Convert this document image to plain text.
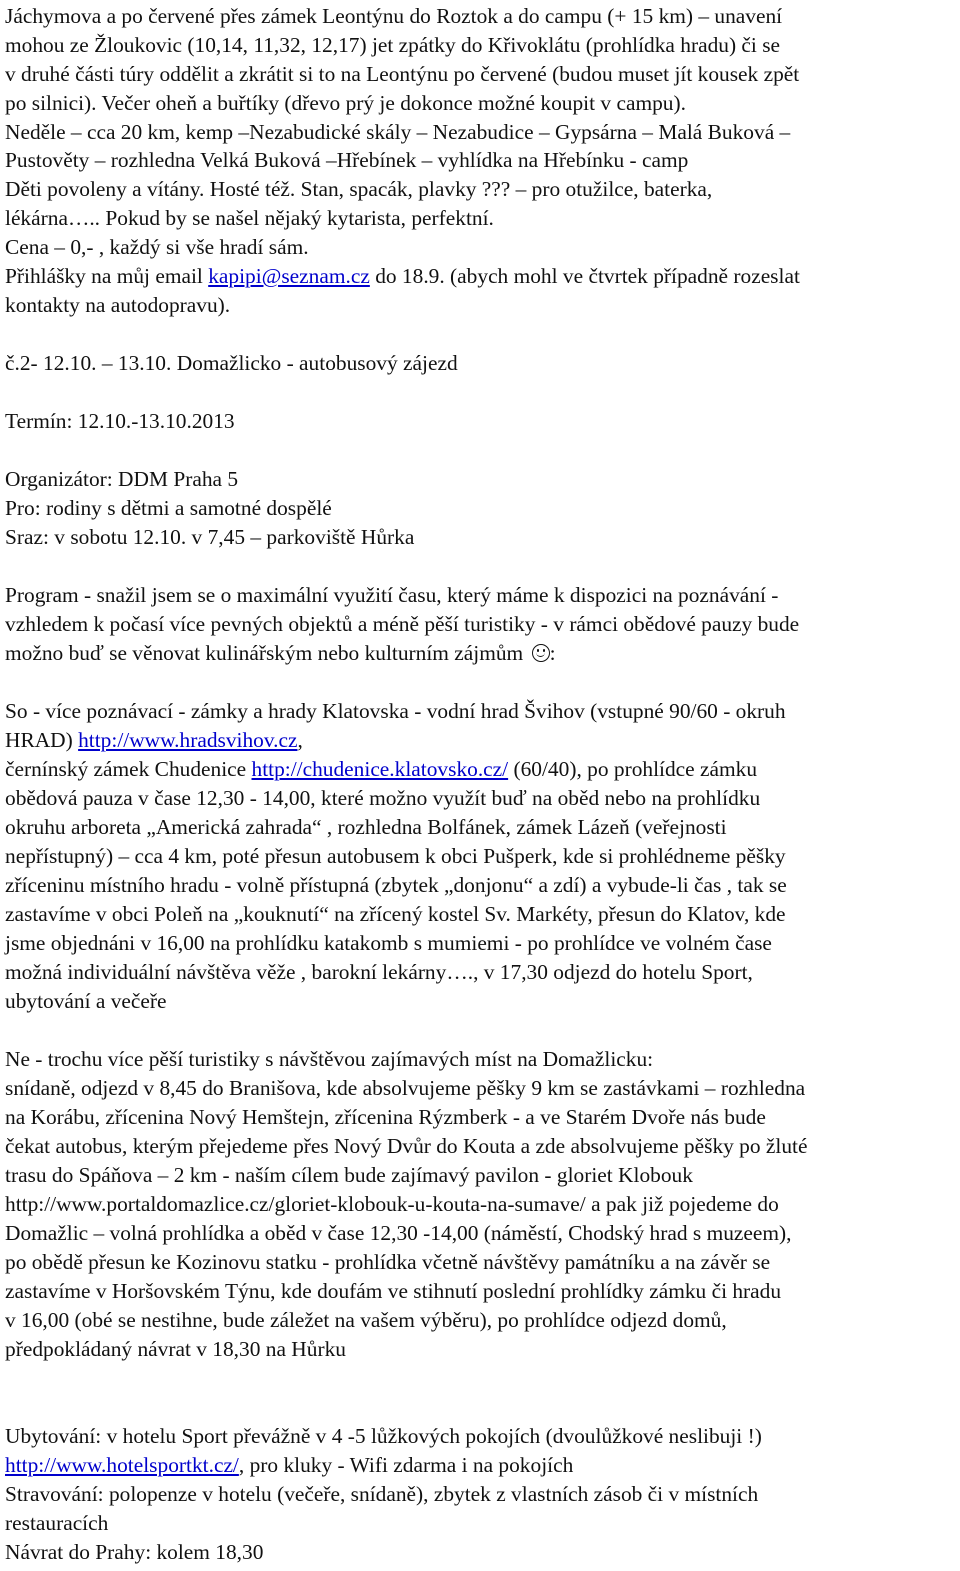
Jáchymova a po červené přes zámek Leontýnu do Roztok a do campu (+ 15 km) – unavení
mohou ze Žloukovic (10,14, 11,32, 12,17) jet zpátky do Křivoklátu (prohlídka hradu) či se
v druhé části túry oddělit a zkrátit si to na Leontýnu po červené (budou muset jít kousek zpět
po silnici). Večer oheň a buřtíky (dřevo prý je dokonce možné koupit v campu).
Neděle – cca 20 km, kemp –Nezabudické skály – Nezabudice – Gypsárna – Malá Buková –
Pustověty – rozhledna Velká Buková –Hřebínek – vyhlídka na Hřebínku - camp
Děti povoleny a vítány. Hosté též. Stan, spacák, plavky ??? – pro otužilce, baterka,
lékárna….. Pokud by se našel nějaký kytarista, perfektní.
Cena – 0,- , každý si vše hradí sám.
Přihlášky na můj email kapipi@seznam.cz do 18.9. (abych mohl ve čtvrtek případně rozeslat
kontakty na autodopravu).
č.2- 12.10. – 13.10. Domažlicko - autobusový zájezd
Termín: 12.10.-13.10.2013
Organizátor: DDM Praha 5
Pro: rodiny s dětmi a samotné dospělé
Sraz: v sobotu 12.10. v 7,45 – parkoviště Hůrka
Program - snažil jsem se o maximální využití času, který máme k dispozici na poznávání -
vzhledem k počasí více pevných objektů a méně pěší turistiky - v rámci obědové pauzy bude
možno buď se věnovat kulinářským nebo kulturním zájmům
:
So - více poznávací - zámky a hrady Klatovska - vodní hrad Švihov (vstupné 90/60 - okruh
HRAD) http://www.hradsvihov.cz,
černínský zámek Chudenice http://chudenice.klatovsko.cz/ (60/40), po prohlídce zámku
obědová pauza v čase 12,30 - 14,00, které možno využít buď na oběd nebo na prohlídku
okruhu arboreta „Americká zahrada“ , rozhledna Bolfánek, zámek Lázeň (veřejnosti
nepřístupný) – cca 4 km, poté přesun autobusem k obci Pušperk, kde si prohlédneme pěšky
zříceninu místního hradu - volně přístupná (zbytek „donjonu“ a zdí) a vybude-li čas , tak se
zastavíme v obci Poleň na „kouknutí“ na zřícený kostel Sv. Markéty, přesun do Klatov, kde
jsme objednáni v 16,00 na prohlídku katakomb s mumiemi - po prohlídce ve volném čase
možná individuální návštěva věže , barokní lekárny…., v 17,30 odjezd do hotelu Sport,
ubytování a večeře
Ne - trochu více pěší turistiky s návštěvou zajímavých míst na Domažlicku:
snídaně, odjezd v 8,45 do Branišova, kde absolvujeme pěšky 9 km se zastávkami – rozhledna
na Korábu, zřícenina Nový Hemštejn, zřícenina Rýzmberk - a ve Starém Dvoře nás bude
čekat autobus, kterým přejedeme přes Nový Dvůr do Kouta a zde absolvujeme pěšky po žluté
trasu do Spáňova – 2 km - naším cílem bude zajímavý pavilon - gloriet Klobouk
http://www.portaldomazlice.cz/gloriet-klobouk-u-kouta-na-sumave/ a pak již pojedeme do
Domažlic – volná prohlídka a oběd v čase 12,30 -14,00 (náměstí, Chodský hrad s muzeem),
po obědě přesun ke Kozinovu statku - prohlídka včetně návštěvy památníku a na závěr se
zastavíme v Horšovském Týnu, kde doufám ve stihnutí poslední prohlídky zámku či hradu
v 16,00 (obé se nestihne, bude záležet na vašem výběru), po prohlídce odjezd domů,
předpokládaný návrat v 18,30 na Hůrku
Ubytování: v hotelu Sport převážně v 4 -5 lůžkových pokojích (dvoulůžkové neslibuji !)
http://www.hotelsportkt.cz/, pro kluky - Wifi zdarma i na pokojích
Stravování: polopenze v hotelu (večeře, snídaně), zbytek z vlastních zásob či v místních
restauracích
Návrat do Prahy: kolem 18,30
